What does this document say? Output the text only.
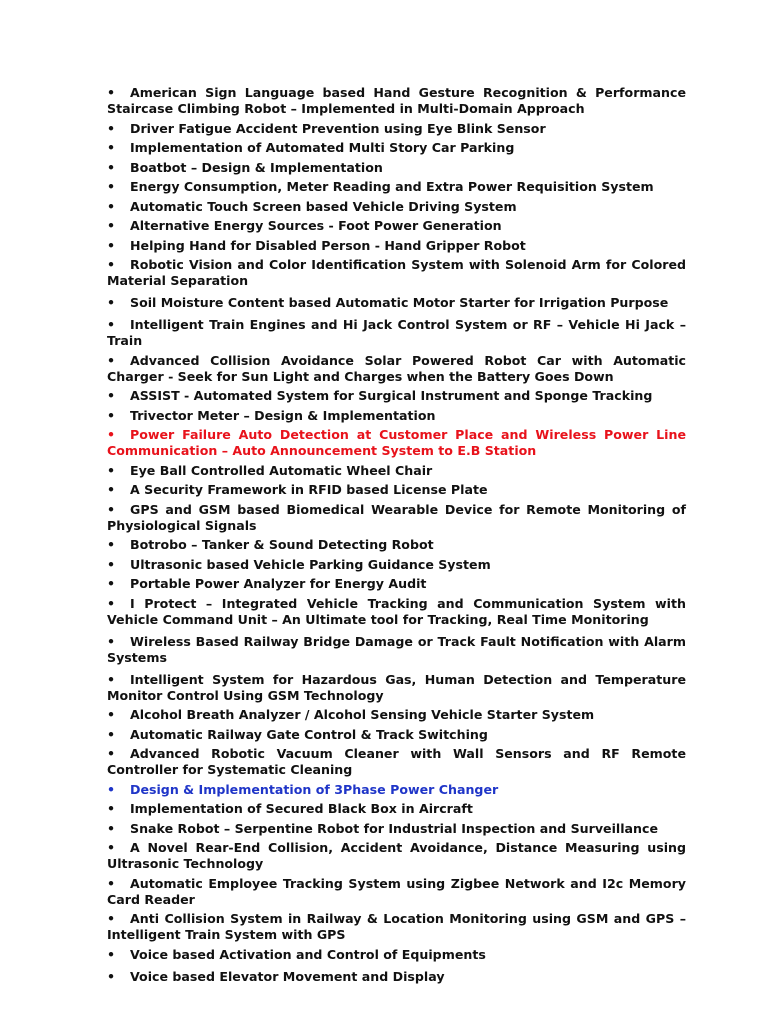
• American Sign Language based Hand Gesture Recognition & Performance Staircase Climbing Robot – Implemented in Multi-Domain Approach
• Driver Fatigue Accident Prevention using Eye Blink Sensor
• Implementation of Automated Multi Story Car Parking
• Boatbot – Design & Implementation
• Energy Consumption, Meter Reading and Extra Power Requisition System
• Automatic Touch Screen based Vehicle Driving System
• Alternative Energy Sources - Foot Power Generation
• Helping Hand for Disabled Person - Hand Gripper Robot
• Robotic Vision and Color Identification System with Solenoid Arm for Colored Material Separation
• Soil Moisture Content based Automatic Motor Starter for Irrigation Purpose
• Intelligent Train Engines and Hi Jack Control System or RF – Vehicle Hi Jack – Train
• Advanced Collision Avoidance Solar Powered Robot Car with Automatic Charger - Seek for Sun Light and Charges when the Battery Goes Down
• ASSIST - Automated System for Surgical Instrument and Sponge Tracking
• Trivector Meter – Design & Implementation
• Power Failure Auto Detection at Customer Place and Wireless Power Line Communication – Auto Announcement System to E.B Station
• Eye Ball Controlled Automatic Wheel Chair
• A Security Framework in RFID based License Plate
• GPS and GSM based Biomedical Wearable Device for Remote Monitoring of Physiological Signals
• Botrobo – Tanker & Sound Detecting Robot
• Ultrasonic based Vehicle Parking Guidance System
• Portable Power Analyzer for Energy Audit
• I Protect – Integrated Vehicle Tracking and Communication System with Vehicle Command Unit – An Ultimate tool for Tracking, Real Time Monitoring
• Wireless Based Railway Bridge Damage or Track Fault Notification with Alarm Systems
• Intelligent System for Hazardous Gas, Human Detection and Temperature Monitor Control Using GSM Technology
• Alcohol Breath Analyzer / Alcohol Sensing Vehicle Starter System
• Automatic Railway Gate Control & Track Switching
• Advanced Robotic Vacuum Cleaner with Wall Sensors and RF Remote Controller for Systematic Cleaning
• Design & Implementation of 3Phase Power Changer
• Implementation of Secured Black Box in Aircraft
• Snake Robot – Serpentine Robot for Industrial Inspection and Surveillance
• A Novel Rear-End Collision, Accident Avoidance, Distance Measuring using Ultrasonic Technology
• Automatic Employee Tracking System using Zigbee Network and I2c Memory Card Reader
• Anti Collision System in Railway & Location Monitoring using GSM and GPS – Intelligent Train System with GPS
• Voice based Activation and Control of Equipments
• Voice based Elevator Movement and Display
